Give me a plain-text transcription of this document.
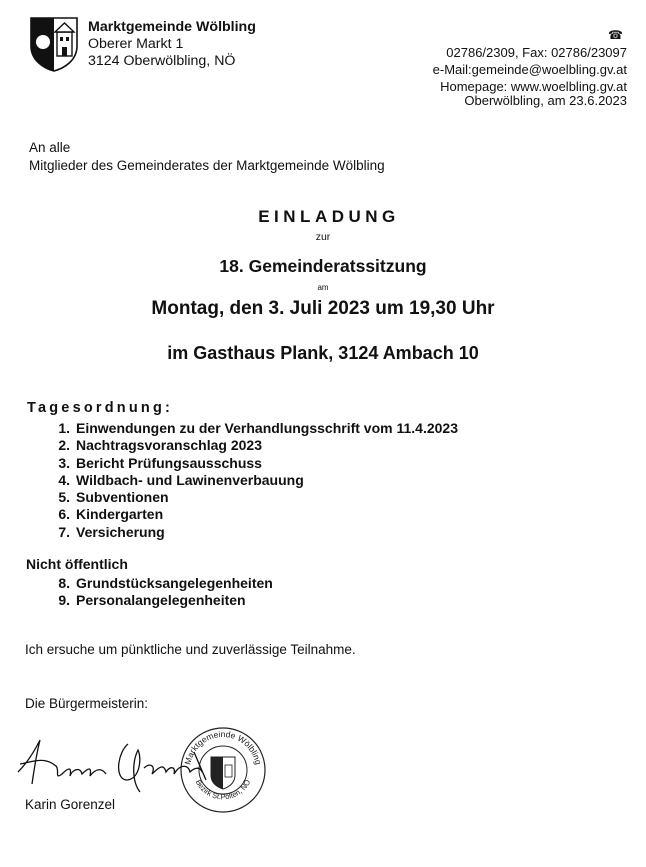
Marktgemeinde Wölbling
Oberer Markt 1
3124 Oberwölbling, NÖ
☎
02786/2309, Fax: 02786/23097
e-Mail:gemeinde@woelbling.gv.at
Homepage: www.woelbling.gv.at
Oberwölbling, am 23.6.2023
An alle
Mitglieder des Gemeinderates der Marktgemeinde Wölbling
EINLADUNG
zur
18. Gemeinderatssitzung
am
Montag, den 3. Juli 2023 um 19,30 Uhr
im Gasthaus Plank, 3124 Ambach 10
Tagesordnung:
1. Einwendungen zu der Verhandlungsschrift vom 11.4.2023
2. Nachtragsvoranschlag 2023
3. Bericht Prüfungsausschuss
4. Wildbach- und Lawinenverbauung
5. Subventionen
6. Kindergarten
7. Versicherung
Nicht öffentlich
8. Grundstücksangelegenheiten
9. Personalangelegenheiten
Ich ersuche um pünktliche und zuverlässige Teilnahme.
Die Bürgermeisterin:
Marktgemeinde Wölbling
Bezirk St.Pölten, NÖ
Karin Gorenzel
